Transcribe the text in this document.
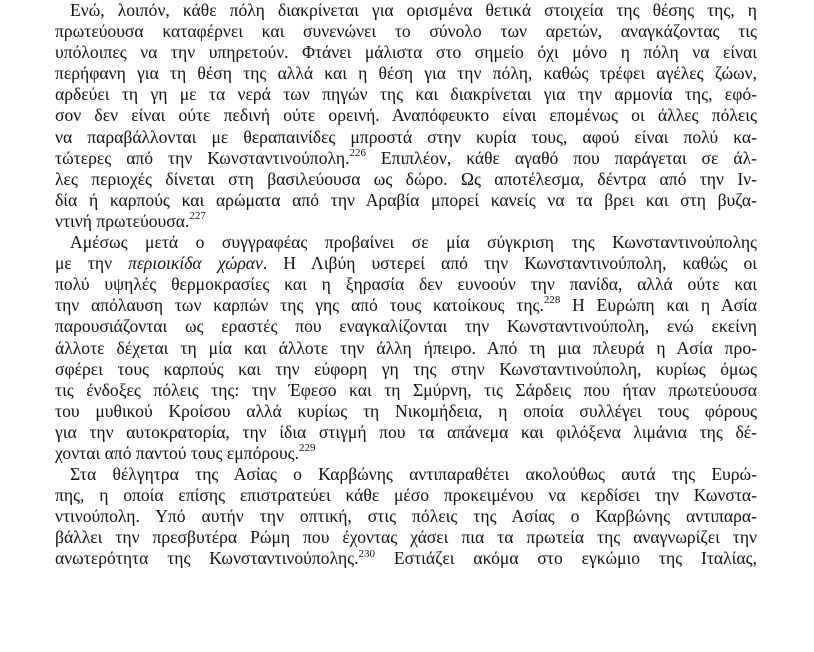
Ενώ, λοιπόν, κάθε πόλη διακρίνεται για ορισμένα θετικά στοιχεία της θέσης της, η
πρωτεύουσα καταφέρνει και συνενώνει το σύνολο των αρετών, αναγκάζοντας τις
υπόλοιπες να την υπηρετούν. Φτάνει μάλιστα στο σημείο όχι μόνο η πόλη να είναι
περήφανη για τη θέση της αλλά και η θέση για την πόλη, καθώς τρέφει αγέλες ζώων,
αρδεύει τη γη με τα νερά των πηγών της και διακρίνεται για την αρμονία της, εφό-
σον δεν είναι ούτε πεδινή ούτε ορεινή. Αναπόφευκτο είναι επομένως οι άλλες πόλεις
να παραβάλλονται με θεραπαινίδες μπροστά στην κυρία τους, αφού είναι πολύ κα-
τώτερες από την Κωνσταντινούπολη.$^{226}$ Επιπλέον, κάθε αγαθό που παράγεται σε άλ-
λες περιοχές δίνεται στη βασιλεύουσα ως δώρο. Ως αποτέλεσμα, δέντρα από την Ιν-
δία ή καρπούς και αρώματα από την Αραβία μπορεί κανείς να τα βρει και στη βυζα-
ντινή πρωτεύουσα.$^{227}$
Αμέσως μετά ο συγγραφέας προβαίνει σε μία σύγκριση της Κωνσταντινούπολης
με την περιοικίδα χώραν. Η Λιβύη υστερεί από την Κωνσταντινούπολη, καθώς οι
πολύ υψηλές θερμοκρασίες και η ξηρασία δεν ευνοούν την πανίδα, αλλά ούτε και
την απόλαυση των καρπών της γης από τους κατοίκους της.$^{228}$ Η Ευρώπη και η Ασία
παρουσιάζονται ως εραστές που εναγκαλίζονται την Κωνσταντινούπολη, ενώ εκείνη
άλλοτε δέχεται τη μία και άλλοτε την άλλη ήπειρο. Από τη μια πλευρά η Ασία προ-
σφέρει τους καρπούς και την εύφορη γη της στην Κωνσταντινούπολη, κυρίως όμως
τις ένδοξες πόλεις της: την Έφεσο και τη Σμύρνη, τις Σάρδεις που ήταν πρωτεύουσα
του μυθικού Κροίσου αλλά κυρίως τη Νικομήδεια, η οποία συλλέγει τους φόρους
για την αυτοκρατορία, την ίδια στιγμή που τα απάνεμα και φιλόξενα λιμάνια της δέ-
χονται από παντού τους εμπόρους.$^{229}$
Στα θέλγητρα της Ασίας ο Καρβώνης αντιπαραθέτει ακολούθως αυτά της Ευρώ-
πης, η οποία επίσης επιστρατεύει κάθε μέσο προκειμένου να κερδίσει την Κωνστα-
ντινούπολη. Υπό αυτήν την οπτική, στις πόλεις της Ασίας ο Καρβώνης αντιπαρα-
βάλλει την πρεσβυτέρα Ρώμη που έχοντας χάσει πια τα πρωτεία της αναγνωρίζει την
ανωτερότητα της Κωνσταντινούπολης.$^{230}$ Εστιάζει ακόμα στο εγκώμιο της Ιταλίας,
